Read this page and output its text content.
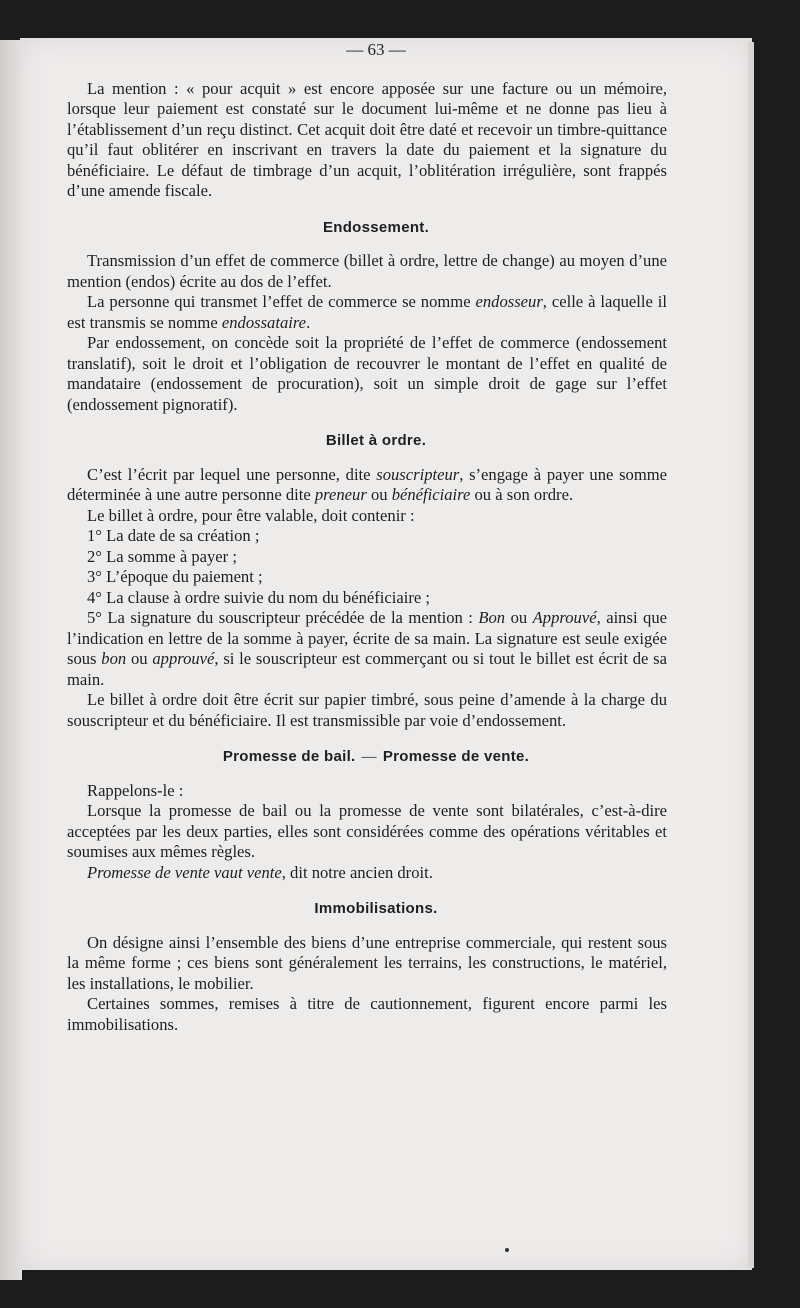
— 63 —

La mention : « pour acquit » est encore apposée sur une facture ou un mémoire, lorsque leur paiement est constaté sur le document lui-même et ne donne pas lieu à l’établissement d’un reçu distinct. Cet acquit doit être daté et recevoir un timbre-quittance qu’il faut oblitérer en inscrivant en travers la date du paiement et la signature du bénéficiaire. Le défaut de timbrage d’un acquit, l’oblitération irrégulière, sont frappés d’une amende fiscale.

Endossement.

Transmission d’un effet de commerce (billet à ordre, lettre de change) au moyen d’une mention (endos) écrite au dos de l’effet.

La personne qui transmet l’effet de commerce se nomme endosseur, celle à laquelle il est transmis se nomme endossataire.

Par endossement, on concède soit la propriété de l’effet de commerce (endossement translatif), soit le droit et l’obligation de recouvrer le montant de l’effet en qualité de mandataire (endossement de procuration), soit un simple droit de gage sur l’effet (endossement pignoratif).

Billet à ordre.

C’est l’écrit par lequel une personne, dite souscripteur, s’engage à payer une somme déterminée à une autre personne dite preneur ou bénéficiaire ou à son ordre.

Le billet à ordre, pour être valable, doit contenir :

1° La date de sa création ;

2° La somme à payer ;

3° L’époque du paiement ;

4° La clause à ordre suivie du nom du bénéficiaire ;

5° La signature du souscripteur précédée de la mention : Bon ou Approuvé, ainsi que l’indication en lettre de la somme à payer, écrite de sa main. La signature est seule exigée sous bon ou approuvé, si le souscripteur est commerçant ou si tout le billet est écrit de sa main.

Le billet à ordre doit être écrit sur papier timbré, sous peine d’amende à la charge du souscripteur et du bénéficiaire. Il est transmissible par voie d’endossement.

Promesse de bail. — Promesse de vente.

Rappelons-le :

Lorsque la promesse de bail ou la promesse de vente sont bilatérales, c’est-à-dire acceptées par les deux parties, elles sont considérées comme des opérations véritables et soumises aux mêmes règles.

Promesse de vente vaut vente, dit notre ancien droit.

Immobilisations.

On désigne ainsi l’ensemble des biens d’une entreprise commerciale, qui restent sous la même forme ; ces biens sont généralement les terrains, les constructions, le matériel, les installations, le mobilier.

Certaines sommes, remises à titre de cautionnement, figurent encore parmi les immobilisations.
